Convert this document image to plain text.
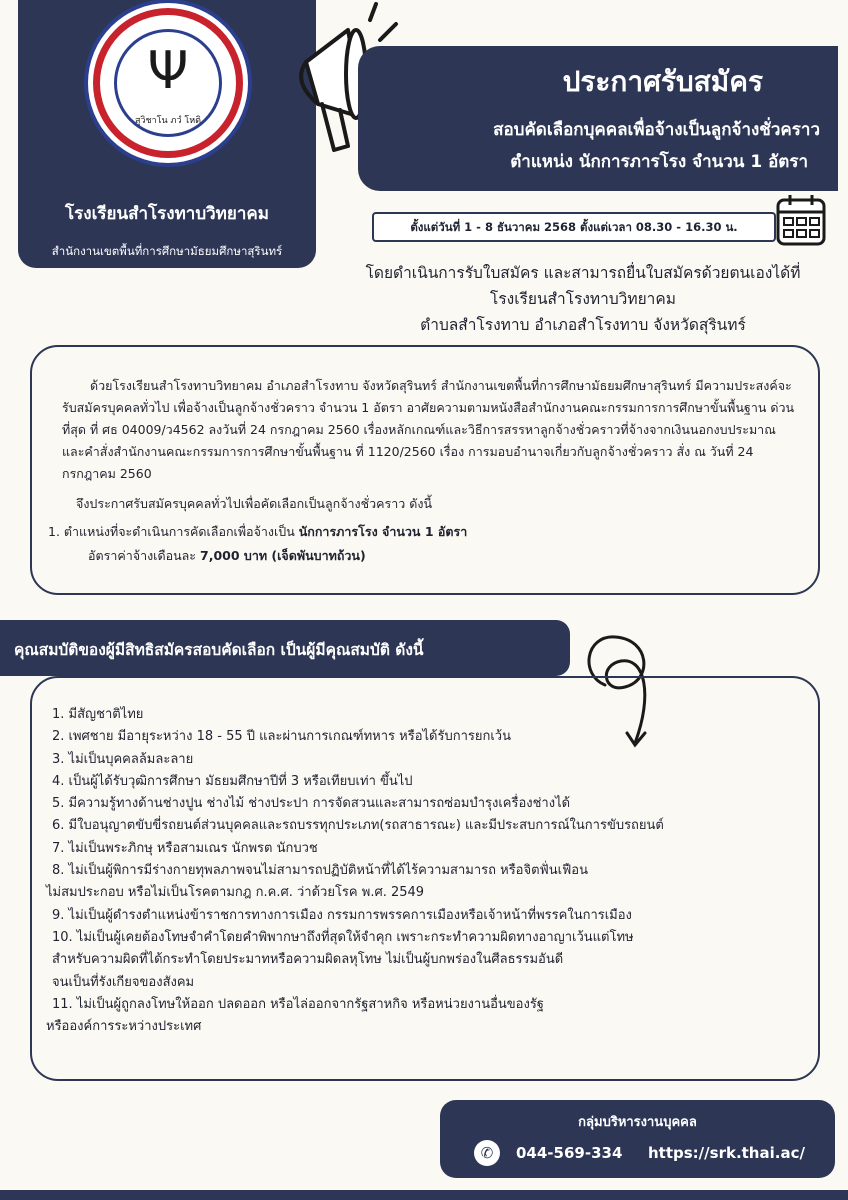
Ψ
สุวิชาโน ภวํ โหติ
โรงเรียนสำโรงทาบวิทยาคม
สำนักงานเขตพื้นที่การศึกษามัธยมศึกษาสุรินทร์
ประกาศรับสมัคร
สอบคัดเลือกบุคคลเพื่อจ้างเป็นลูกจ้างชั่วคราว
ตำแหน่ง นักการภารโรง จำนวน 1 อัตรา
ตั้งแต่วันที่ 1 - 8 ธันวาคม 2568 ตั้งแต่เวลา 08.30 - 16.30 น.
โดยดำเนินการรับใบสมัคร และสามารถยื่นใบสมัครด้วยตนเองได้ที่
โรงเรียนสำโรงทาบวิทยาคม
ตำบลสำโรงทาบ อำเภอสำโรงทาบ จังหวัดสุรินทร์

ด้วยโรงเรียนสำโรงทาบวิทยาคม อำเภอสำโรงทาบ จังหวัดสุรินทร์ สำนักงานเขตพื้นที่การศึกษามัธยมศึกษาสุรินทร์ มีความประสงค์จะรับสมัครบุคคลทั่วไป เพื่อจ้างเป็นลูกจ้างชั่วคราว จำนวน 1 อัตรา อาศัยความตามหนังสือสำนักงานคณะกรรมการการศึกษาขั้นพื้นฐาน ด่วนที่สุด ที่ ศธ 04009/ว4562 ลงวันที่ 24 กรกฎาคม 2560 เรื่องหลักเกณฑ์และวิธีการสรรหาลูกจ้างชั่วคราวที่จ้างจากเงินนอกงบประมาณ และคำสั่งสำนักงานคณะกรรมการการศึกษาขั้นพื้นฐาน ที่ 1120/2560 เรื่อง การมอบอำนาจเกี่ยวกับลูกจ้างชั่วคราว สั่ง ณ วันที่ 24 กรกฎาคม 2560

จึงประกาศรับสมัครบุคคลทั่วไปเพื่อคัดเลือกเป็นลูกจ้างชั่วคราว ดังนี้

1. ตำแหน่งที่จะดำเนินการคัดเลือกเพื่อจ้างเป็น นักการภารโรง จำนวน 1 อัตรา

อัตราค่าจ้างเดือนละ 7,000 บาท (เจ็ดพันบาทถ้วน)

คุณสมบัติของผู้มีสิทธิสมัครสอบคัดเลือก เป็นผู้มีคุณสมบัติ ดังนี้
1. มีสัญชาติไทย
2. เพศชาย มีอายุระหว่าง 18 - 55 ปี และผ่านการเกณฑ์ทหาร หรือได้รับการยกเว้น
3. ไม่เป็นบุคคลล้มละลาย
4. เป็นผู้ได้รับวุฒิการศึกษา มัธยมศึกษาปีที่ 3 หรือเทียบเท่า ขึ้นไป
5. มีความรู้ทางด้านช่างปูน ช่างไม้ ช่างประปา การจัดสวนและสามารถซ่อมบำรุงเครื่องช่างได้
6. มีใบอนุญาตขับขี่รถยนต์ส่วนบุคคลและรถบรรทุกประเภท(รถสาธารณะ) และมีประสบการณ์ในการขับรถยนต์
7. ไม่เป็นพระภิกษุ หรือสามเณร นักพรต นักบวช
8. ไม่เป็นผู้พิการมีร่างกายทุพลภาพจนไม่สามารถปฏิบัติหน้าที่ได้ไร้ความสามารถ หรือจิตฟั่นเฟือน
ไม่สมประกอบ หรือไม่เป็นโรคตามกฎ ก.ค.ศ. ว่าด้วยโรค พ.ศ. 2549
9. ไม่เป็นผู้ดำรงตำแหน่งข้าราชการทางการเมือง กรรมการพรรคการเมืองหรือเจ้าหน้าที่พรรคในการเมือง
10. ไม่เป็นผู้เคยต้องโทษจำคำโดยคำพิพากษาถึงที่สุดให้จำคุก เพราะกระทำความผิดทางอาญาเว้นแต่โทษ
สำหรับความผิดที่ได้กระทำโดยประมาทหรือความผิดลหุโทษ ไม่เป็นผู้บกพร่องในศีลธรรมอันดี
จนเป็นที่รังเกียจของสังคม
11. ไม่เป็นผู้ถูกลงโทษให้ออก ปลดออก หรือไล่ออกจากรัฐสาหกิจ หรือหน่วยงานอื่นของรัฐ
หรือองค์การระหว่างประเทศ
กลุ่มบริหารงานบุคคล
✆	044-569-334 https://srk.thai.ac/
